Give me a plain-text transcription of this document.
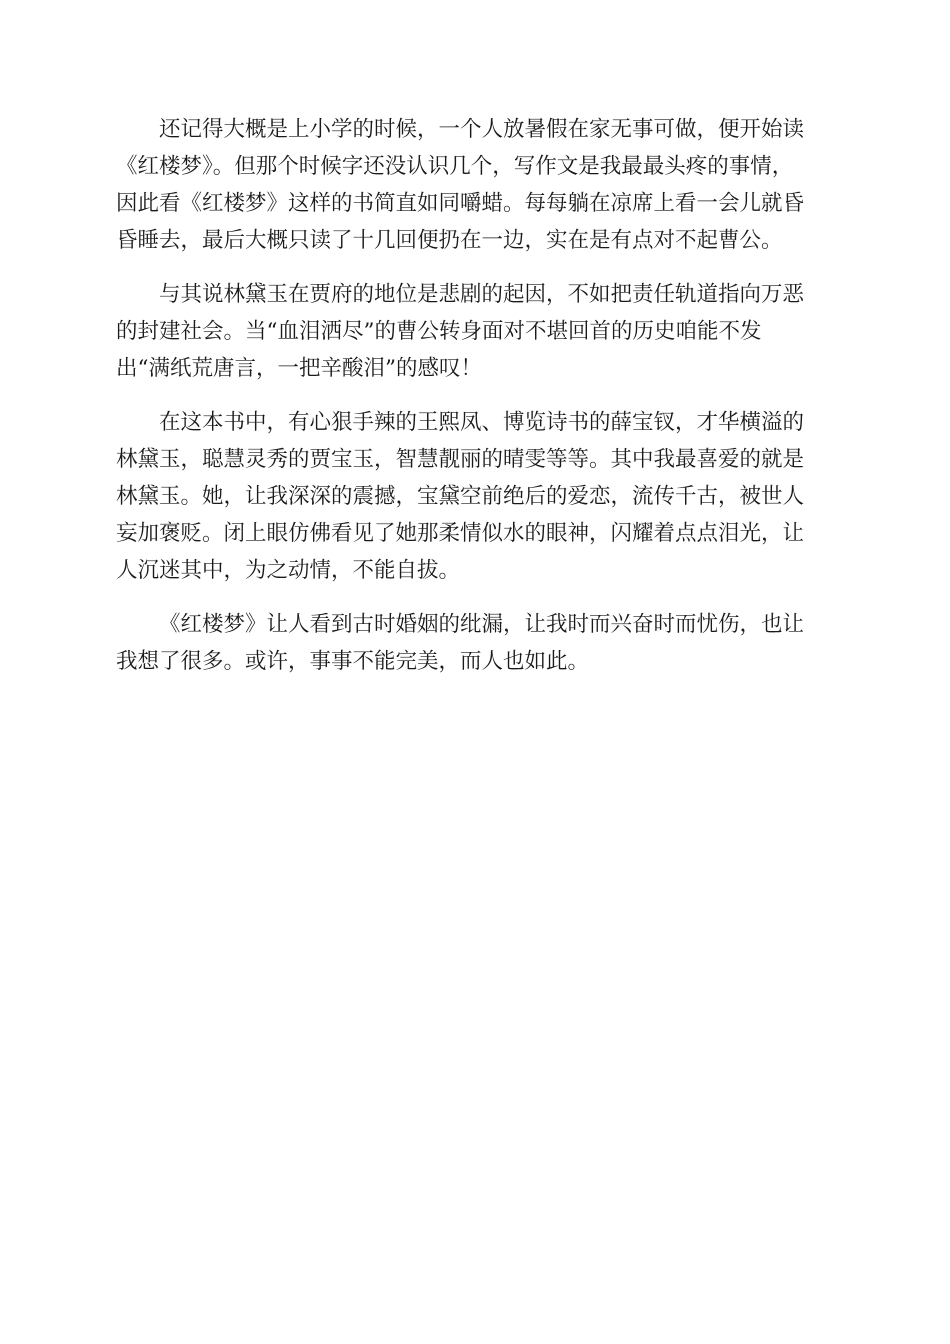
还记得大概是上小学的时候，一个人放暑假在家无事可做，便开始读
《红楼梦》。但那个时候字还没认识几个，写作文是我最最头疼的事情，
因此看《红楼梦》这样的书简直如同嚼蜡。每每躺在凉席上看一会儿就昏
昏睡去，最后大概只读了十几回便扔在一边，实在是有点对不起曹公。

与其说林黛玉在贾府的地位是悲剧的起因，不如把责任轨道指向万恶
的封建社会。当“血泪洒尽”的曹公转身面对不堪回首的历史咱能不发
出“满纸荒唐言，一把辛酸泪”的感叹！

在这本书中，有心狠手辣的王熙凤、博览诗书的薛宝钗，才华横溢的
林黛玉，聪慧灵秀的贾宝玉，智慧靓丽的晴雯等等。其中我最喜爱的就是
林黛玉。她，让我深深的震撼，宝黛空前绝后的爱恋，流传千古，被世人
妄加褒贬。闭上眼仿佛看见了她那柔情似水的眼神，闪耀着点点泪光，让
人沉迷其中，为之动情，不能自拔。

《红楼梦》让人看到古时婚姻的纰漏，让我时而兴奋时而忧伤，也让
我想了很多。或许，事事不能完美，而人也如此。
